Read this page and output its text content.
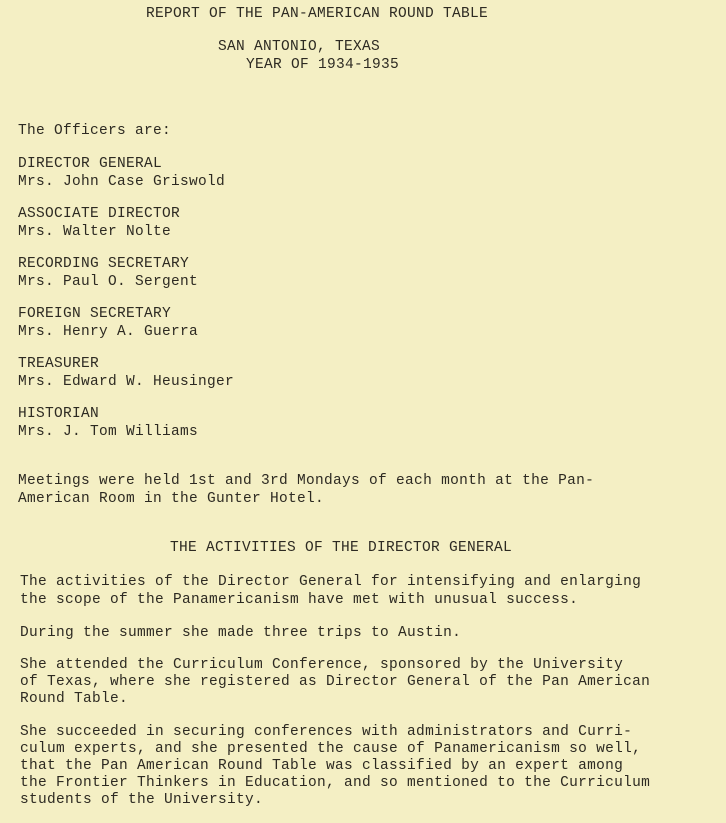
REPORT OF THE PAN-AMERICAN ROUND TABLE
SAN ANTONIO, TEXAS
YEAR OF 1934-1935
The Officers are:
DIRECTOR GENERAL
Mrs. John Case Griswold
ASSOCIATE DIRECTOR
Mrs. Walter Nolte
RECORDING SECRETARY
Mrs. Paul O. Sergent
FOREIGN SECRETARY
Mrs. Henry A. Guerra
TREASURER
Mrs. Edward W. Heusinger
HISTORIAN
Mrs. J. Tom Williams
Meetings were held 1st and 3rd Mondays of each month at the Pan-
American Room in the Gunter Hotel.
THE ACTIVITIES OF THE DIRECTOR GENERAL
The activities of the Director General for intensifying and enlarging
the scope of the Panamericanism have met with unusual success.
During the summer she made three trips to Austin.
She attended the Curriculum Conference, sponsored by the University
of Texas, where she registered as Director General of the Pan American
Round Table.
She succeeded in securing conferences with administrators and Curri-
culum experts, and she presented the cause of Panamericanism so well,
that the Pan American Round Table was classified by an expert among
the Frontier Thinkers in Education, and so mentioned to the Curriculum
students of the University.
